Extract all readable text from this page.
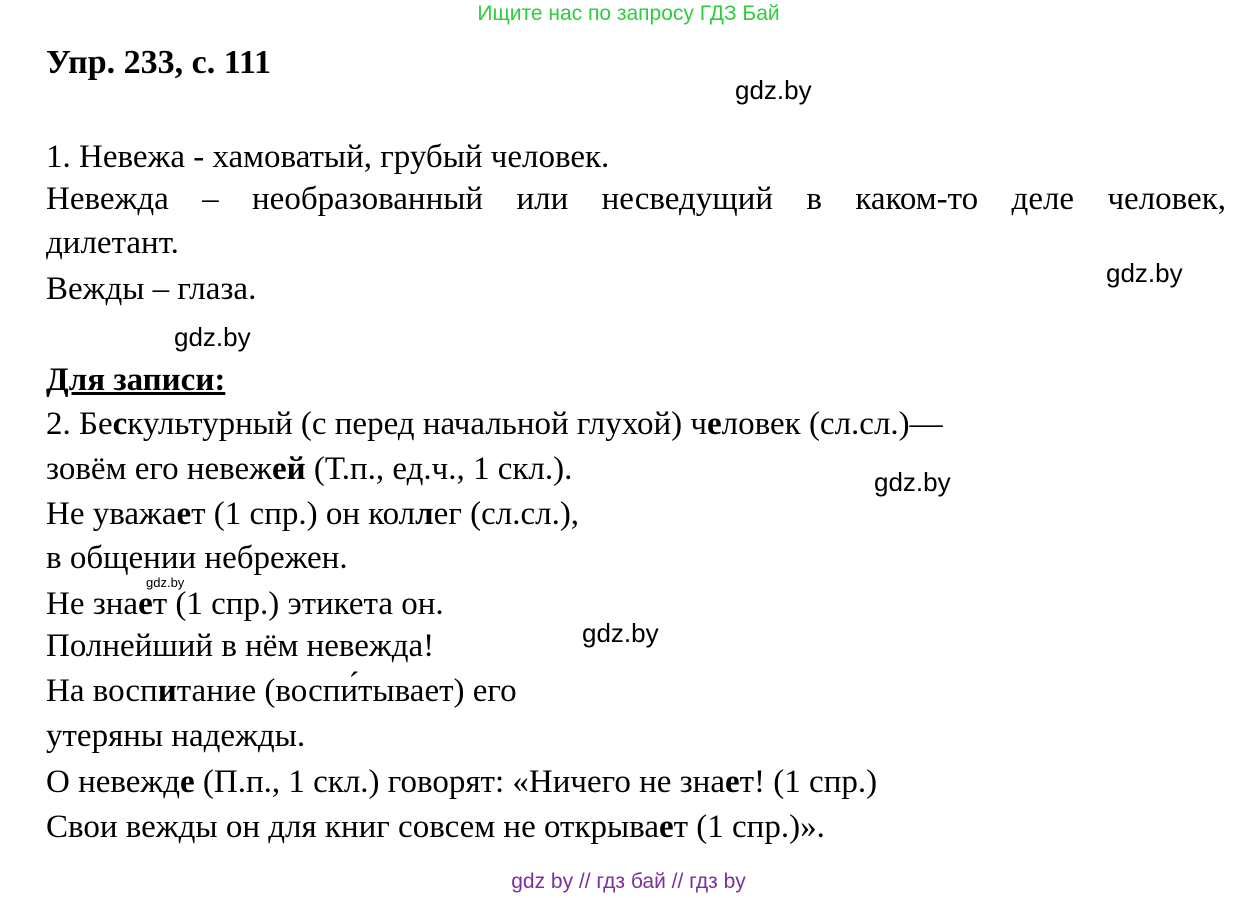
Ищите нас по запросу ГДЗ Бай
Упр. 233, с. 111
gdz.by
1. Невежа - хамоватый, грубый человек.
Невежда – необразованный или несведущий в каком-то деле человек,
дилетант.
gdz.by
Вежды – глаза.
gdz.by
Для записи:
2. Бескультурный (с перед начальной глухой) человек (сл.сл.)—
зовём его невежей (Т.п., ед.ч., 1 скл.).	gdz.by
Не уважает (1 спр.) он коллег (сл.сл.),
в общении небрежен.
gdz.by
Не знает (1 спр.) этикета он.
gdz.by
Полнейший в нём невежда!
На воспитание (воспи́тывает) его
утеряны надежды.
О невежде (П.п., 1 скл.) говорят: «Ничего не знает! (1 спр.)
Свои вежды он для книг совсем не открывает (1 спр.)».
gdz by // гдз бай // гдз by
